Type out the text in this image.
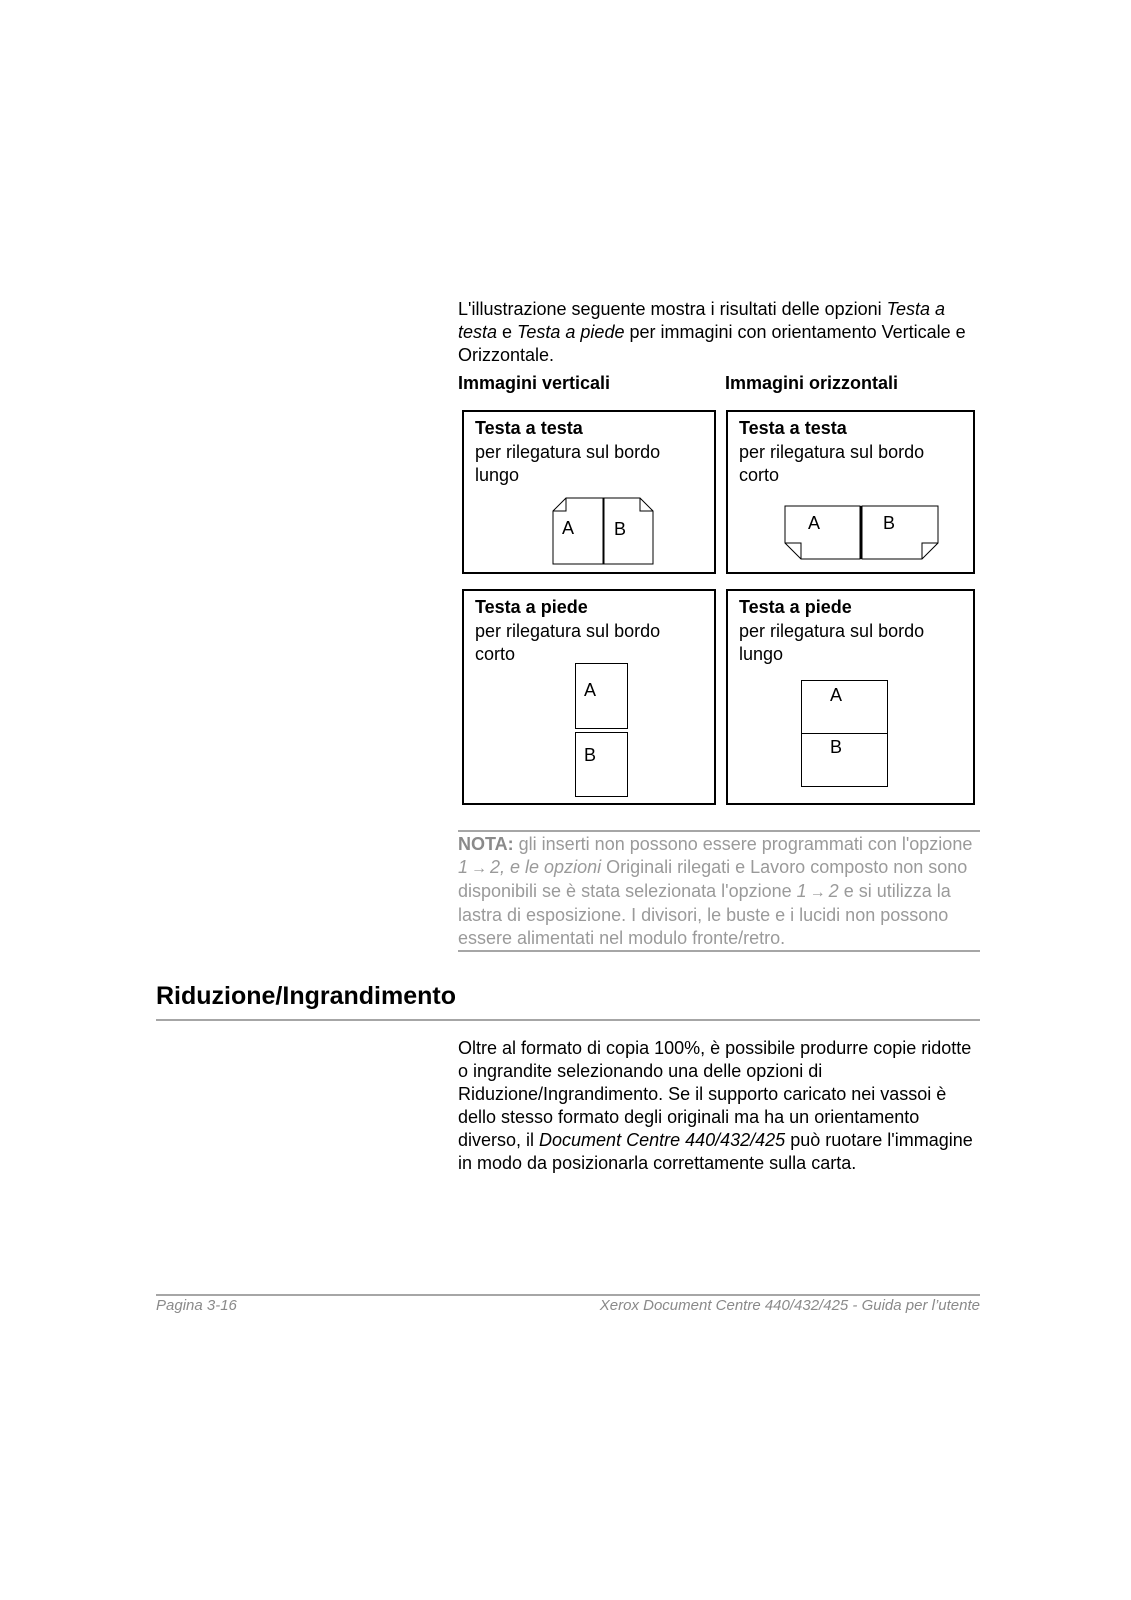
L'illustrazione seguente mostra i risultati delle opzioni Testa a testa e Testa a piede per immagini con orientamento Verticale e Orizzontale.
Immagini verticali	Immagini orizzontali
Testa a testa
per rilegatura sul bordo lungo
A B
Testa a testa
per rilegatura sul bordo corto
A	B
Testa a piede
per rilegatura sul bordo corto
A
B
Testa a piede
per rilegatura sul bordo lungo
A
B
NOTA: gli inserti non possono essere programmati con l'opzione 1 → 2, e le opzioni Originali rilegati e Lavoro composto non sono disponibili se è stata selezionata l'opzione 1 → 2 e si utilizza la lastra di esposizione. I divisori, le buste e i lucidi non possono essere alimentati nel modulo fronte/retro.
Riduzione/Ingrandimento
Oltre al formato di copia 100%, è possibile produrre copie ridotte o ingrandite selezionando una delle opzioni di Riduzione/Ingrandimento. Se il supporto caricato nei vassoi è dello stesso formato degli originali ma ha un orientamento diverso, il Document Centre 440/432/425 può ruotare l'immagine in modo da posizionarla correttamente sulla carta.
Pagina 3-16	Xerox Document Centre 440/432/425 - Guida per l’utente
